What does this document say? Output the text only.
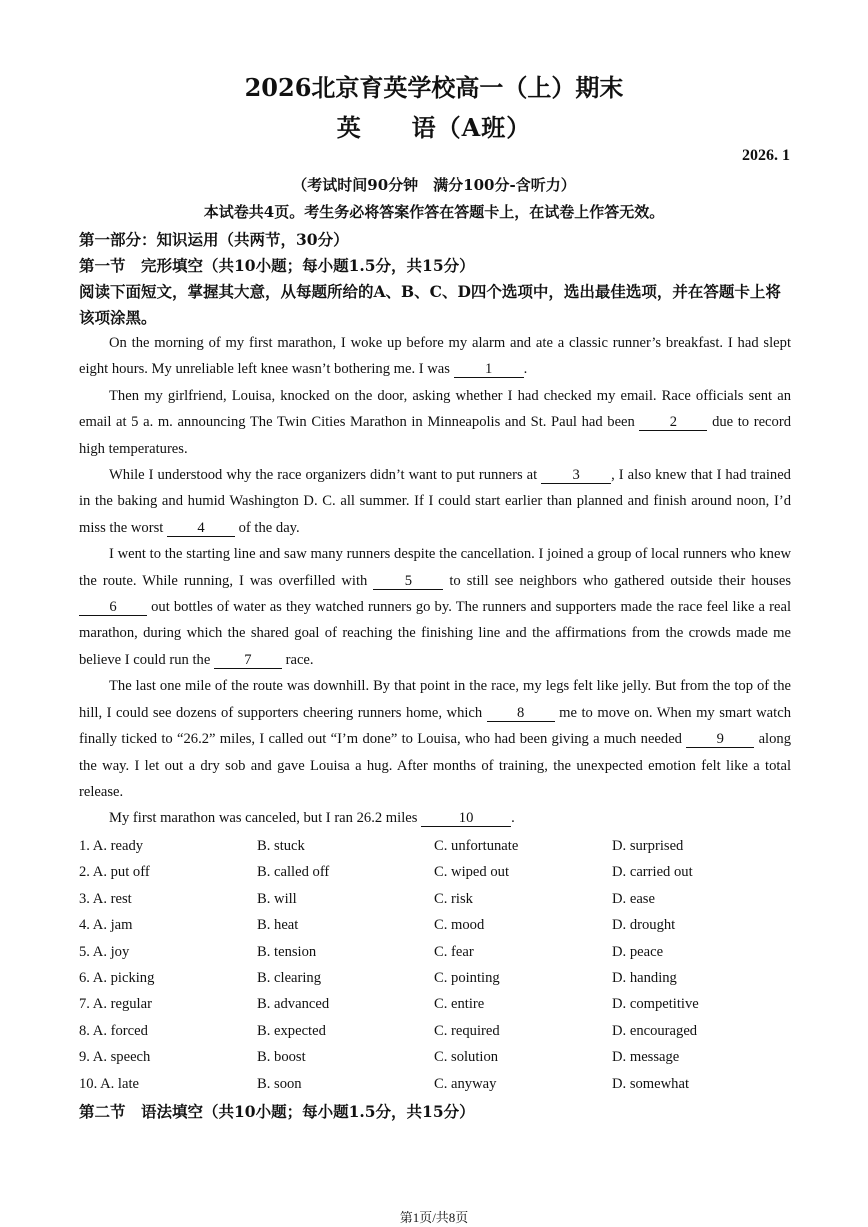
2026北京育英学校高一（上）期末
英　　语（A班）
2026. 1
（考试时间90分钟　满分100分-含听力）
本试卷共4页。考生务必将答案作答在答题卡上，在试卷上作答无效。
第一部分：知识运用（共两节，30分）
第一节　完形填空（共10小题；每小题1.5分，共15分）
阅读下面短文，掌握其大意，从每题所给的A、B、C、D四个选项中，选出最佳选项，并在答题卡上将该项涂黑。

On the morning of my first marathon, I woke up before my alarm and ate a classic runner’s breakfast. I had slept eight hours. My unreliable left knee wasn’t bothering me. I was 1 .

Then my girlfriend, Louisa, knocked on the door, asking whether I had checked my email. Race officials sent an email at 5 a. m. announcing The Twin Cities Marathon in Minneapolis and St. Paul had been 2 due to record high temperatures.

While I understood why the race organizers didn’t want to put runners at 3 , I also knew that I had trained in the baking and humid Washington D. C. all summer. If I could start earlier than planned and finish around noon, I’d miss the worst 4 of the day.

I went to the starting line and saw many runners despite the cancellation. I joined a group of local runners who knew the route. While running, I was overfilled with 5 to still see neighbors who gathered outside their houses 6 out bottles of water as they watched runners go by. The runners and supporters made the race feel like a real marathon, during which the shared goal of reaching the finishing line and the affirmations from the crowds made me believe I could run the 7 race.

The last one mile of the route was downhill. By that point in the race, my legs felt like jelly. But from the top of the hill, I could see dozens of supporters cheering runners home, which 8 me to move on. When my smart watch finally ticked to “26.2” miles, I called out “I’m done” to Louisa, who had been giving a much needed 9 along the way. I let out a dry sob and gave Louisa a hug. After months of training, the unexpected emotion felt like a total release.

My first marathon was canceled, but I ran 26.2 miles	10	.

1. A. ready	B. stuck	C. unfortunate	D. surprised
2. A. put off	B. called off	C. wiped out	D. carried out
3. A. rest	B. will	C. risk	D. ease
4. A. jam	B. heat	C. mood	D. drought
5. A. joy	B. tension	C. fear	D. peace
6. A. picking	B. clearing	C. pointing	D. handing
7. A. regular	B. advanced	C. entire	D. competitive
8. A. forced	B. expected	C. required	D. encouraged
9. A. speech	B. boost	C. solution	D. message
10. A. late	B. soon	C. anyway	D. somewhat
第二节　语法填空（共10小题；每小题1.5分，共15分）
第1页/共8页
